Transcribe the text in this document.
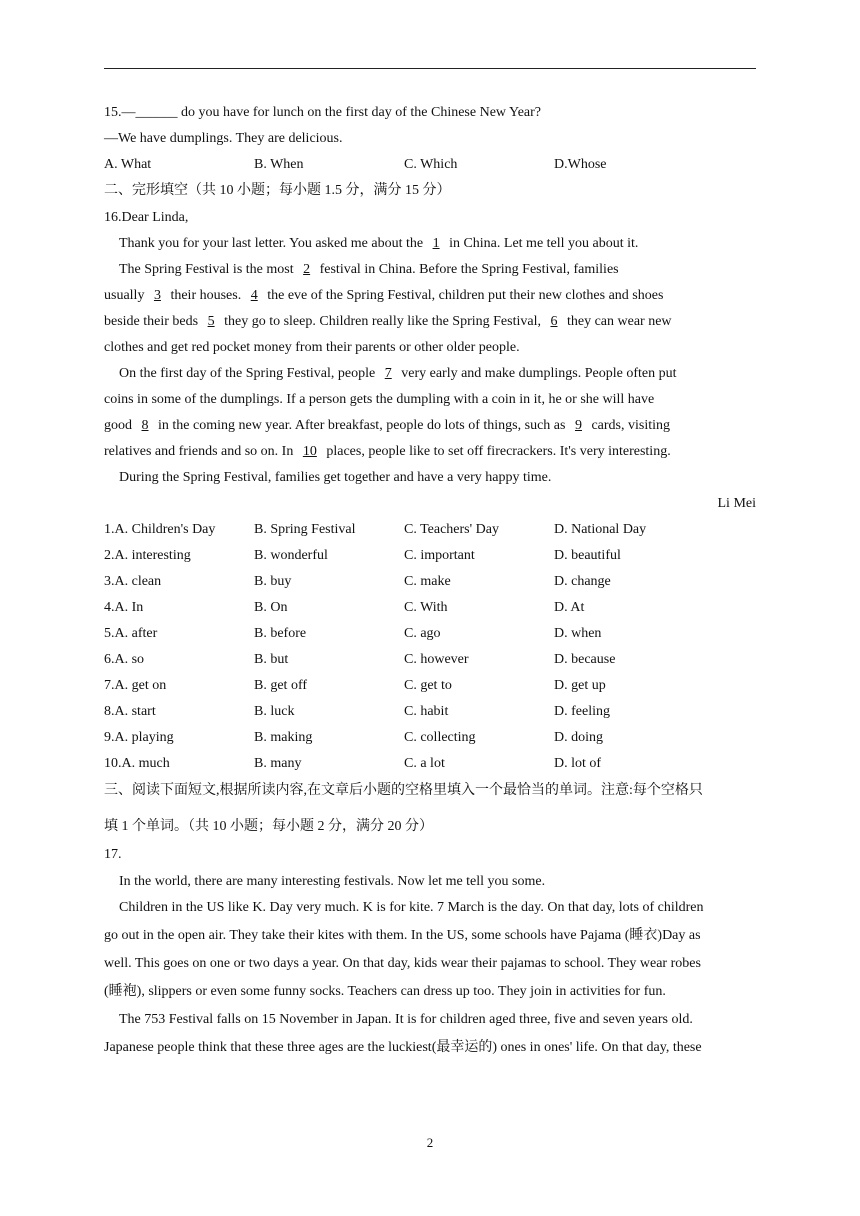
15.—______ do you have for lunch on the first day of the Chinese New Year?
—We have dumplings. They are delicious.
A. What	B. When	C. Which	D.Whose
二、完形填空（共 10 小题；每小题 1.5 分，满分 15 分）
16.Dear Linda,
Thank you for your last letter. You asked me about the 1 in China. Let me tell you about it.
The Spring Festival is the most 2 festival in China. Before the Spring Festival, families
usually 3 their houses. 4 the eve of the Spring Festival, children put their new clothes and shoes
beside their beds 5 they go to sleep. Children really like the Spring Festival, 6 they can wear new
clothes and get red pocket money from their parents or other older people.
On the first day of the Spring Festival, people 7 very early and make dumplings. People often put
coins in some of the dumplings. If a person gets the dumpling with a coin in it, he or she will have
good 8 in the coming new year. After breakfast, people do lots of things, such as 9 cards, visiting
relatives and friends and so on. In 10 places, people like to set off firecrackers. It's very interesting.
During the Spring Festival, families get together and have a very happy time.
Li Mei
1.A. Children's Day	B. Spring Festival	C. Teachers' Day	D. National Day
2.A. interesting	B. wonderful	C. important	D. beautiful
3.A. clean	B. buy	C. make	D. change
4.A. In	B. On	C. With	D. At
5.A. after	B. before	C. ago	D. when
6.A. so	B. but	C. however	D. because
7.A. get on	B. get off	C. get to	D. get up
8.A. start	B. luck	C. habit	D. feeling
9.A. playing	B. making	C. collecting	D. doing
10.A. much	B. many	C. a lot	D. lot of
三、阅读下面短文,根据所读内容,在文章后小题的空格里填入一个最恰当的单词。注意:每个空格只
填 1 个单词。（共 10 小题；每小题 2 分，满分 20 分）
17.
In the world, there are many interesting festivals. Now let me tell you some.
Children in the US like K. Day very much. K is for kite. 7 March is the day. On that day, lots of children
go out in the open air. They take their kites with them. In the US, some schools have Pajama (睡衣)Day as
well. This goes on one or two days a year. On that day, kids wear their pajamas to school. They wear robes
(睡袍), slippers or even some funny socks. Teachers can dress up too. They join in activities for fun.
The 753 Festival falls on 15 November in Japan. It is for children aged three, five and seven years old.
Japanese people think that these three ages are the luckiest(最幸运的) ones in ones' life. On that day, these
2
